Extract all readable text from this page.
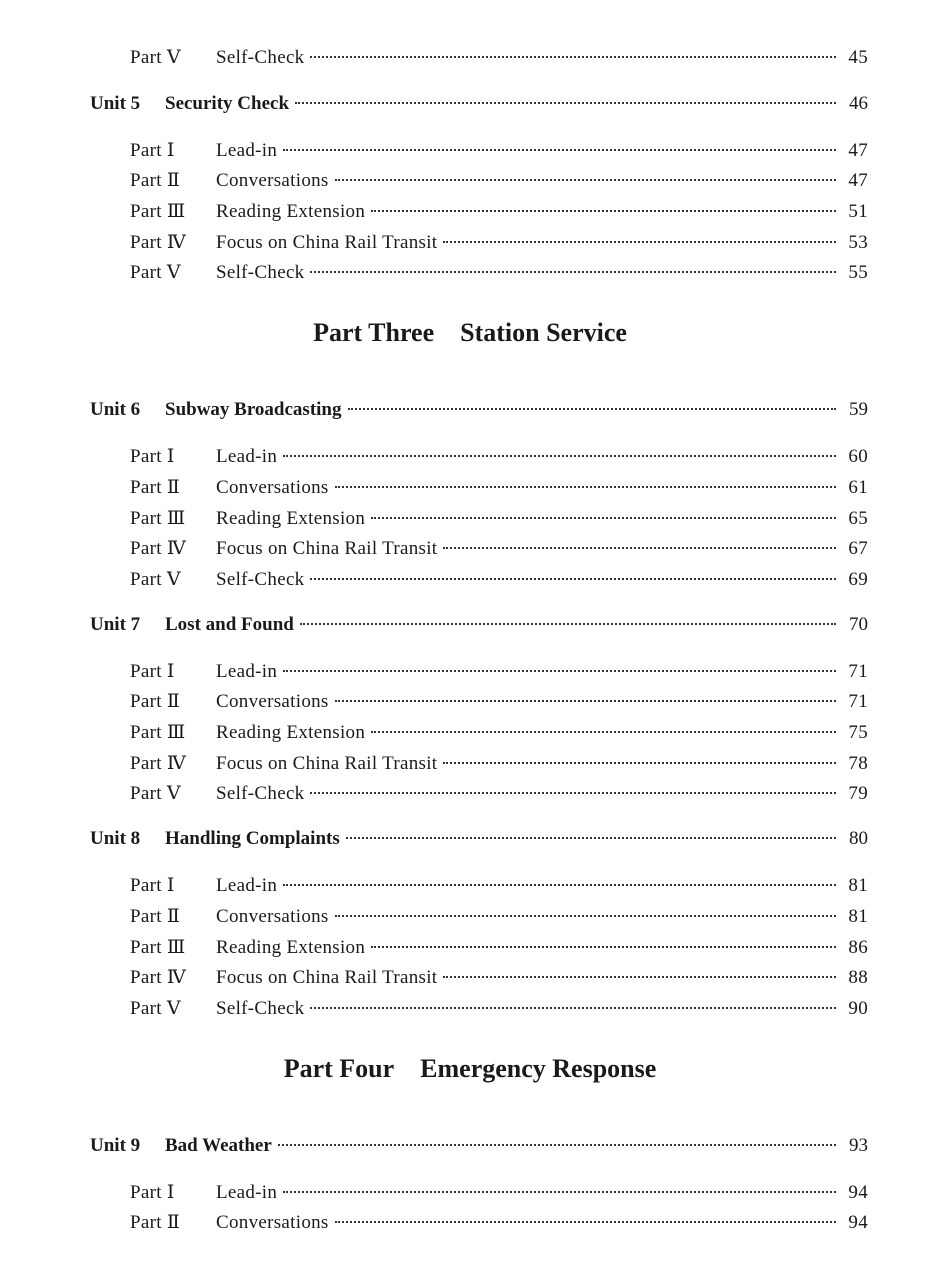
Part Ⅴ	Self-Check	45
Unit 5	Security Check	46
Part Ⅰ	Lead-in	47
Part Ⅱ	Conversations	47
Part Ⅲ	Reading Extension	51
Part Ⅳ	Focus on China Rail Transit	53
Part Ⅴ	Self-Check	55
Part Three Station Service
Unit 6	Subway Broadcasting	59
Part Ⅰ	Lead-in	60
Part Ⅱ	Conversations	61
Part Ⅲ	Reading Extension	65
Part Ⅳ	Focus on China Rail Transit	67
Part Ⅴ	Self-Check	69
Unit 7	Lost and Found	70
Part Ⅰ	Lead-in	71
Part Ⅱ	Conversations	71
Part Ⅲ	Reading Extension	75
Part Ⅳ	Focus on China Rail Transit	78
Part Ⅴ	Self-Check	79
Unit 8	Handling Complaints	80
Part Ⅰ	Lead-in	81
Part Ⅱ	Conversations	81
Part Ⅲ	Reading Extension	86
Part Ⅳ	Focus on China Rail Transit	88
Part Ⅴ	Self-Check	90
Part Four Emergency Response
Unit 9	Bad Weather	93
Part Ⅰ	Lead-in	94
Part Ⅱ	Conversations	94
